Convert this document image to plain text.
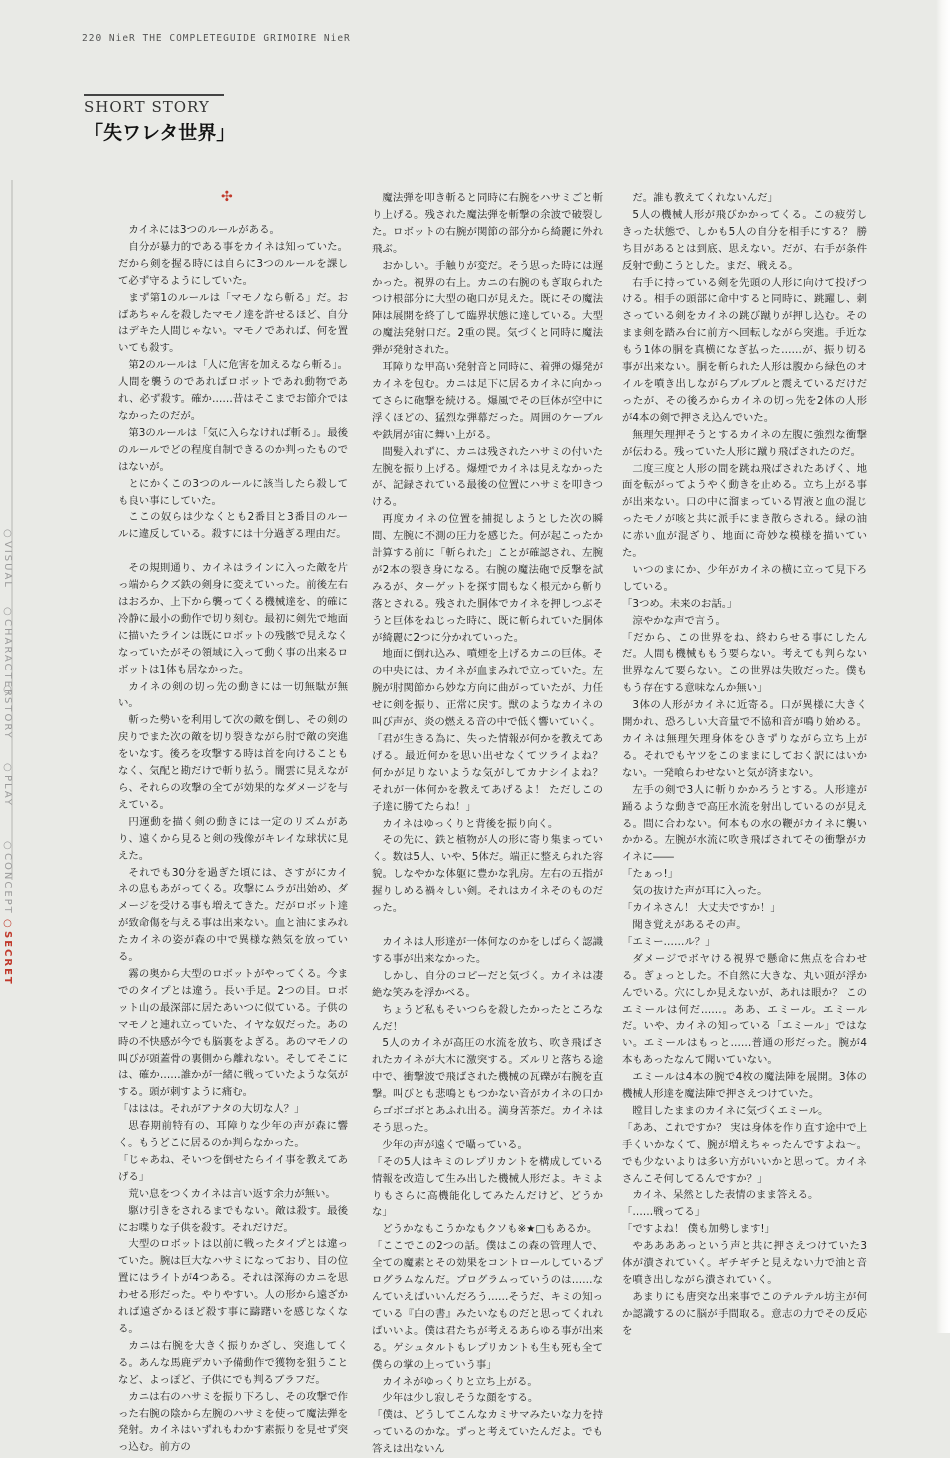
220 NieR THE COMPLETEGUIDE GRIMOIRE NieR
SHORT STORY
「失ワレタ世界」
✣
○VISUAL
○CHARACTER
○STORY
○PLAY
○CONCEPT
○SECRET

カイネには3つのルールがある。

自分が暴力的である事をカイネは知っていた。だから剣を握る時には自らに3つのルールを課して必ず守るようにしていた。

まず第1のルールは「マモノなら斬る」だ。おばあちゃんを殺したマモノ達を許せるほど、自分はデキた人間じゃない。マモノであれば、何を置いても殺す。

第2のルールは「人に危害を加えるなら斬る」。人間を襲うのであればロボットであれ動物であれ、必ず殺す。確か……昔はそこまでお節介ではなかったのだが。

第3のルールは「気に入らなければ斬る」。最後のルールでどの程度自制できるのか判ったものではないが。

とにかくこの3つのルールに該当したら殺しても良い事にしていた。

ここの奴らは少なくとも2番目と3番目のルールに違反している。殺すには十分過ぎる理由だ。

その規則通り、カイネはラインに入った敵を片っ端からクズ鉄の剣身に変えていった。前後左右はおろか、上下から襲ってくる機械達を、的確に冷静に最小の動作で切り刻む。最初に剣先で地面に描いたラインは既にロボットの残骸で見えなくなっていたがその領域に入って動く事の出来るロボットは1体も居なかった。

カイネの剣の切っ先の動きには一切無駄が無い。

斬った勢いを利用して次の敵を倒し、その剣の戻りでまた次の敵を切り裂きながら肘で敵の突進をいなす。後ろを攻撃する時は首を向けることもなく、気配と勘だけで斬り払う。闇雲に見えながら、それらの攻撃の全てが効果的なダメージを与えている。

円運動を描く剣の動きには一定のリズムがあり、遠くから見ると剣の残像がキレイな球状に見えた。

それでも30分を過ぎた頃には、さすがにカイネの息もあがってくる。攻撃にムラが出始め、ダメージを受ける事も増えてきた。だがロボット達が致命傷を与える事は出来ない。血と油にまみれたカイネの姿が森の中で異様な熱気を放っている。

霧の奥から大型のロボットがやってくる。今までのタイプとは違う。長い手足。2つの目。ロボット山の最深部に居たあいつに似ている。子供のマモノと連れ立っていた、イヤな奴だった。あの時の不快感が今でも脳裏をよぎる。あのマモノの叫びが頭蓋骨の裏側から離れない。そしてそこには、確か……誰かが一緒に戦っていたような気がする。頭が刺すように痛む。

「ははは。それがアナタの大切な人？」

思春期前特有の、耳障りな少年の声が森に響く。もうどこに居るのか判らなかった。

「じゃあね、そいつを倒せたらイイ事を教えてあげる」

荒い息をつくカイネは言い返す余力が無い。

駆け引きをされるまでもない。敵は殺す。最後にお喋りな子供を殺す。それだけだ。

大型のロボットは以前に戦ったタイプとは違っていた。腕は巨大なハサミになっており、目の位置にはライトが4つある。それは深海のカニを思わせる形だった。やりやすい。人の形から遠ざかれば遠ざかるほど殺す事に躊躇いを感じなくなる。

カニは右腕を大きく振りかざし、突進してくる。あんな馬鹿デカい予備動作で獲物を狙うことなど、よっぽど、子供にでも判るブラフだ。

カニは右のハサミを振り下ろし、その攻撃で作った右腕の陰から左腕のハサミを使って魔法弾を発射。カイネはいずれもわかす素振りを見せず突っ込む。前方の

魔法弾を叩き斬ると同時に右腕をハサミごと斬り上げる。残された魔法弾を斬撃の余波で破裂した。ロボットの右腕が関節の部分から綺麗に外れ飛ぶ。

おかしい。手触りが変だ。そう思った時には遅かった。視界の右上。カニの右腕のもぎ取られたつけ根部分に大型の砲口が見えた。既にその魔法陣は展開を終了して臨界状態に達している。大型の魔法発射口だ。2重の罠。気づくと同時に魔法弾が発射された。

耳障りな甲高い発射音と同時に、着弾の爆発がカイネを包む。カニは足下に居るカイネに向かってさらに砲撃を続ける。爆風でその巨体が空中に浮くほどの、猛烈な弾幕だった。周囲のケーブルや鉄屑が宙に舞い上がる。

間髪入れずに、カニは残されたハサミの付いた左腕を振り上げる。爆煙でカイネは見えなかったが、記録されている最後の位置にハサミを叩きつける。

再度カイネの位置を捕捉しようとした次の瞬間、左腕に不測の圧力を感じた。何が起こったか計算する前に「斬られた」ことが確認され、左腕が2本の裂き身になる。右腕の魔法砲で反撃を試みるが、ターゲットを探す間もなく根元から斬り落とされる。残された胴体でカイネを押しつぶそうと巨体をねじった時に、既に斬られていた胴体が綺麗に2つに分かれていった。

地面に倒れ込み、噴煙を上げるカニの巨体。その中央には、カイネが血まみれで立っていた。左腕が肘関節から妙な方向に曲がっていたが、力任せに剣を振り、正常に戻す。獣のようなカイネの叫び声が、炎の燃える音の中で低く響いていく。

「君が生きる為に、失った情報が何かを教えてあげる。最近何かを思い出せなくてツライよね？ 何かが足りないような気がしてカナシイよね？ それが一体何かを教えてあげるよ！ ただしこの子達に勝てたらね！」

カイネはゆっくりと背後を振り向く。

その先に、鉄と植物が人の形に寄り集まっていく。数は5人、いや、5体だ。端正に整えられた容貌。しなやかな体躯に豊かな乳房。左右の五指が握りしめる禍々しい剣。それはカイネそのものだった。

カイネは人形達が一体何なのかをしばらく認識する事が出来なかった。

しかし、自分のコピーだと気づく。カイネは凄絶な笑みを浮かべる。

ちょうど私もそいつらを殺したかったところなんだ！

5人のカイネが高圧の水流を放ち、吹き飛ばされたカイネが大木に激突する。ズルリと落ちる途中で、衝撃波で飛ばされた機械の瓦礫が右腕を直撃。叫びとも悲鳴ともつかない音がカイネの口からゴボゴボとあふれ出る。満身苦茶だ。カイネはそう思った。

少年の声が遠くで囁っている。

「その5人はキミのレプリカントを構成している情報を改造して生み出した機械人形だよ。キミよりもさらに高機能化してみたんだけど、どうかな」

どうかなもこうかなもクソも※★□もあるか。

「ここでこの2つの話。僕はこの森の管理人で、全ての魔素とその効果をコントロールしているプログラムなんだ。プログラムっていうのは……なんていえばいいんだろう……そうだ、キミの知っている『白の書』みたいなものだと思ってくれればいいよ。僕は君たちが考えるあらゆる事が出来る。ゲシュタルトもレプリカントも生も死も全て僕らの掌の上っていう事」

カイネがゆっくりと立ち上がる。

少年は少し寂しそうな顔をする。

「僕は、どうしてこんなカミサマみたいな力を持っているのかな。ずっと考えていたんだよ。でも答えは出ないん

だ。誰も教えてくれないんだ」

5人の機械人形が飛びかかってくる。この疲労しきった状態で、しかも5人の自分を相手にする？ 勝ち目があるとは到底、思えない。だが、右手が条件反射で動こうとした。まだ、戦える。

右手に持っている剣を先頭の人形に向けて投げつける。相手の頭部に命中すると同時に、跳躍し、刺さっている剣をカイネの跳び蹴りが押し込む。そのまま剣を踏み台に前方へ回転しながら突進。手近なもう1体の胴を真横になぎ払った……が、振り切る事が出来ない。胴を斬られた人形は腹から緑色のオイルを噴き出しながらブルブルと震えているだけだったが、その後ろからカイネの切っ先を2体の人形が4本の剣で押さえ込んでいた。

無理矢理押そうとするカイネの左腹に強烈な衝撃が伝わる。残っていた人形に蹴り飛ばされたのだ。

二度三度と人形の間を跳ね飛ばされたあげく、地面を転がってようやく動きを止める。立ち上がる事が出来ない。口の中に溜まっている胃液と血の混じったモノが咳と共に派手にまき散らされる。緑の油に赤い血が混ざり、地面に奇妙な模様を描いていた。

いつのまにか、少年がカイネの横に立って見下ろしている。

「3つめ。未来のお話。」

涼やかな声で言う。

「だから、この世界をね、終わらせる事にしたんだ。人間も機械ももう要らない。考えても判らない世界なんて要らない。この世界は失敗だった。僕ももう存在する意味なんか無い」

3体の人形がカイネに近寄る。口が異様に大きく開かれ、恐ろしい大音量で不協和音が鳴り始める。カイネは無理矢理身体をひきずりながら立ち上がる。それでもヤツをこのままにしておく訳にはいかない。一発喰らわせないと気が済まない。

左手の剣で3人に斬りかかろうとする。人形達が踊るような動きで高圧水流を射出しているのが見える。間に合わない。何本もの水の鞭がカイネに襲いかかる。左腕が水流に吹き飛ばされてその衝撃がカイネに――

「たぁっ!」

気の抜けた声が耳に入った。

「カイネさん！ 大丈夫ですか！」

聞き覚えがあるその声。

「エミー……ル？」

ダメージでボヤける視界で懸命に焦点を合わせる。ぎょっとした。不自然に大きな、丸い頭が浮かんでいる。穴にしか見えないが、あれは眼か？ このエミールは何だ……。ああ、エミール。エミールだ。いや、カイネの知っている「エミール」ではない。エミールはもっと……普通の形だった。腕が4本もあったなんて聞いていない。

エミールは4本の腕で4枚の魔法陣を展開。3体の機械人形達を魔法陣で押さえつけていた。

瞠目したままのカイネに気づくエミール。

「ああ、これですか？ 実は身体を作り直す途中で上手くいかなくて、腕が増えちゃったんですよね～。でも少ないよりは多い方がいいかと思って。カイネさんこそ何してるんですか？」

カイネ、呆然とした表情のまま答える。

「……戦ってる」

「ですよね！ 僕も加勢します!」

やああああっという声と共に押さえつけていた3体が潰されていく。ギチギチと見えない力で油と音を噴き出しながら潰されていく。

あまりにも唐突な出来事でこのテルテル坊主が何か認識するのに脳が手間取る。意志の力でその反応を
